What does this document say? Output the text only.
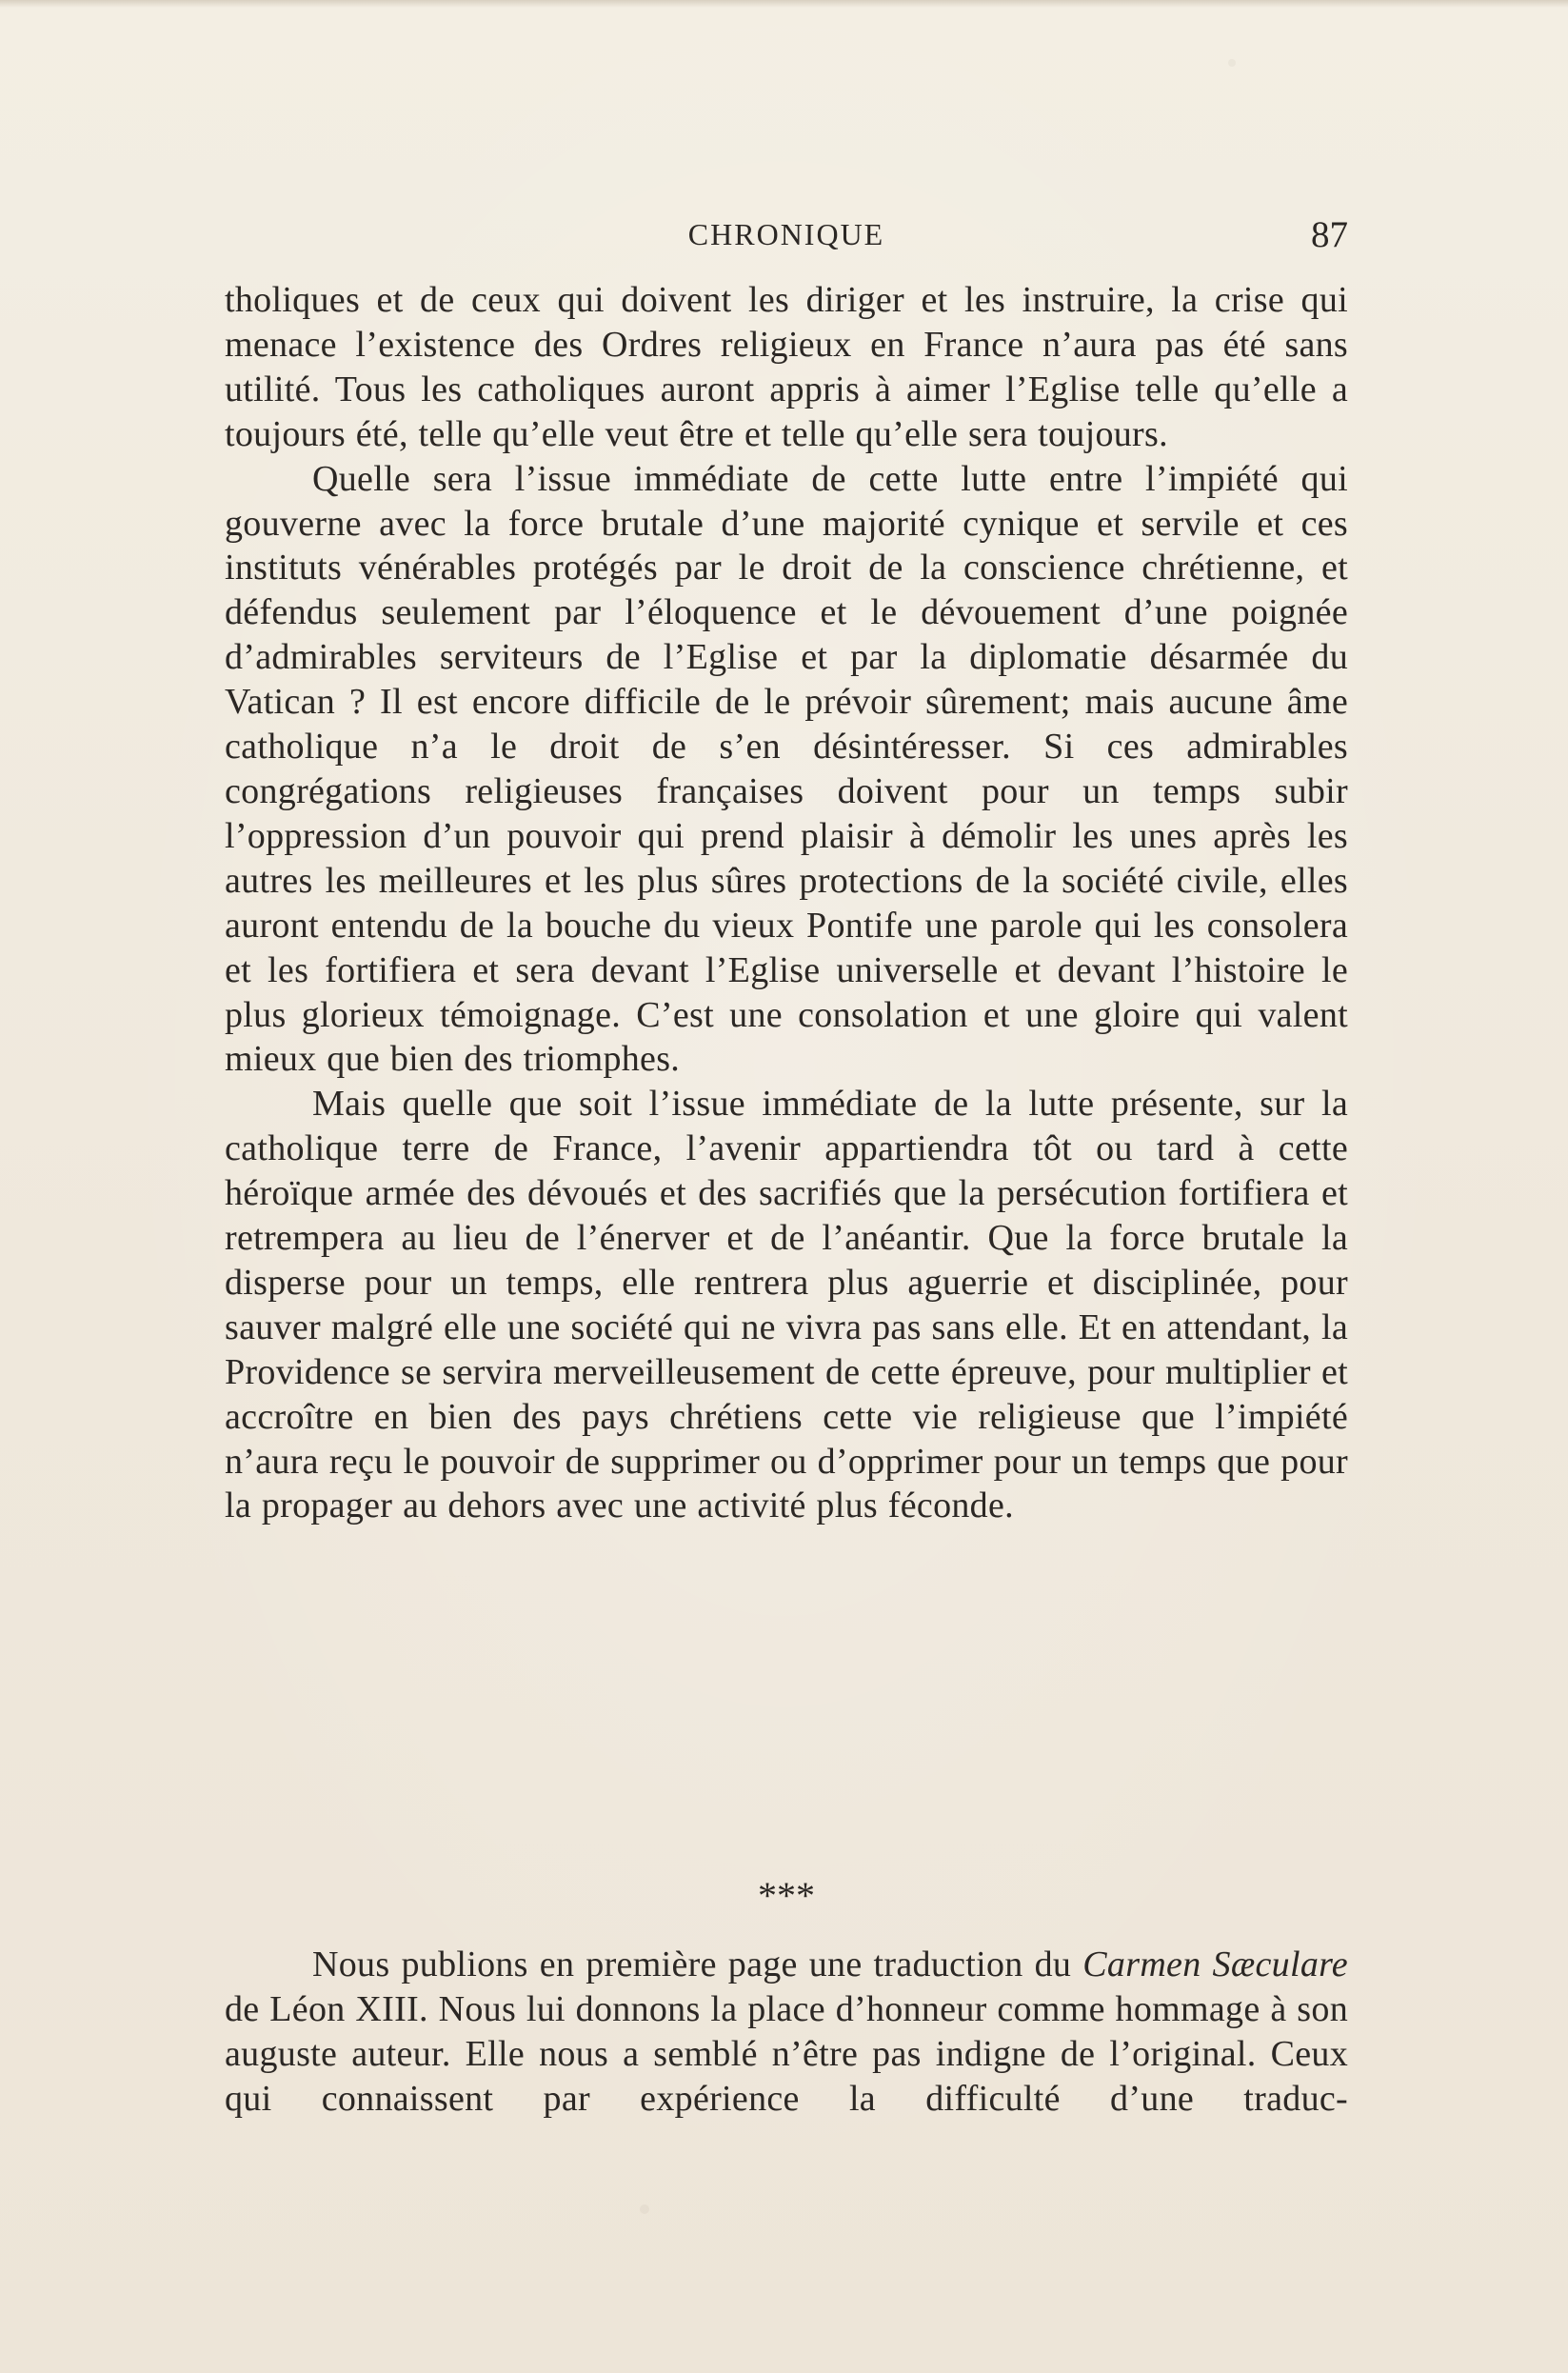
CHRONIQUE	87

tholiques et de ceux qui doivent les diriger et les instruire, la crise qui menace l’existence des Ordres religieux en France n’aura pas été sans utilité. Tous les catholiques auront appris à aimer l’Eglise telle qu’elle a toujours été, telle qu’elle veut être et telle qu’elle sera toujours.

Quelle sera l’issue immédiate de cette lutte entre l’impiété qui gouverne avec la force brutale d’une majorité cynique et servile et ces instituts vénérables protégés par le droit de la conscience chrétienne, et défendus seulement par l’éloquence et le dévouement d’une poignée d’admirables serviteurs de l’Eglise et par la diplomatie désarmée du Vatican ? Il est encore difficile de le prévoir sûrement; mais aucune âme catholique n’a le droit de s’en désintéresser. Si ces admirables congrégations religieuses françaises doivent pour un temps subir l’oppression d’un pouvoir qui prend plaisir à démolir les unes après les autres les meilleures et les plus sûres protections de la société civile, elles auront entendu de la bouche du vieux Pontife une parole qui les consolera et les fortifiera et sera devant l’Eglise universelle et devant l’histoire le plus glorieux témoignage. C’est une consolation et une gloire qui valent mieux que bien des triomphes.

Mais quelle que soit l’issue immédiate de la lutte présente, sur la catholique terre de France, l’avenir appartiendra tôt ou tard à cette héroïque armée des dévoués et des sacrifiés que la persécution fortifiera et retrempera au lieu de l’énerver et de l’anéantir. Que la force brutale la disperse pour un temps, elle rentrera plus aguerrie et disciplinée, pour sauver malgré elle une société qui ne vivra pas sans elle. Et en attendant, la Providence se servira merveilleusement de cette épreuve, pour multiplier et accroître en bien des pays chrétiens cette vie religieuse que l’impiété n’aura reçu le pouvoir de supprimer ou d’opprimer pour un temps que pour la propager au dehors avec une activité plus féconde.

***

Nous publions en première page une traduction du Carmen Sæculare de Léon XIII. Nous lui donnons la place d’honneur comme hommage à son auguste auteur. Elle nous a semblé n’être pas indigne de l’original. Ceux qui connaissent par expérience la difficulté d’une traduc-
